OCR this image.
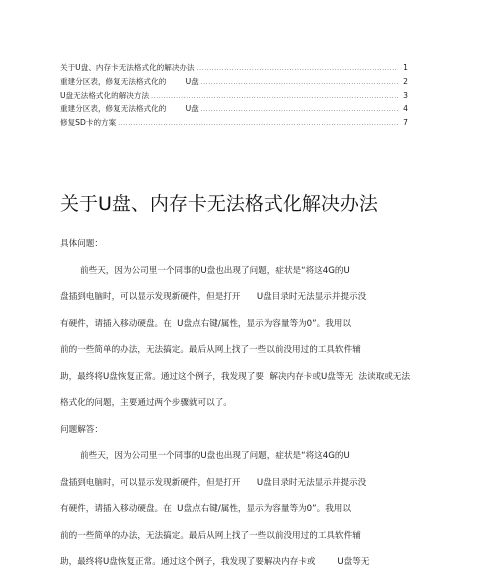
关于U盘、内存卡无法格式化的解决办法 .....	1
重建分区表，修复无法格式化的        U盘 .....	2
U盘无法格式化的解决方法 .....	3
重建分区表，修复无法格式化的        U盘 .....	4
修复SD卡的方案 .....	7
关于U盘、内存卡无法格式化解决办法
具体问题：
前些天，因为公司里一个同事的U盘也出现了问题，症状是“将这4G的U
盘插到电脑时，可以显示发现新硬件，但是打开      U盘目录时无法显示并提示没
有硬件，请插入移动硬盘。在  U盘点右键/属性，显示为容量等为0”。我用以
前的一些简单的办法，无法搞定。最后从网上找了一些以前没用过的工具软件辅
助，最终将U盘恢复正常。通过这个例子，我发现了要  解决内存卡或U盘等无  法读取或无法
格式化的问题，主要通过两个步骤就可以了。
问题解答：
前些天，因为公司里一个同事的U盘也出现了问题，症状是“将这4G的U
盘插到电脑时，可以显示发现新硬件，但是打开      U盘目录时无法显示并提示没
有硬件，请插入移动硬盘。在  U盘点右键/属性，显示为容量等为0”。我用以
前的一些简单的办法，无法搞定。最后从网上找了一些以前没用过的工具软件辅
助，最终将U盘恢复正常。通过这个例子，我发现了要解决内存卡或        U盘等无
